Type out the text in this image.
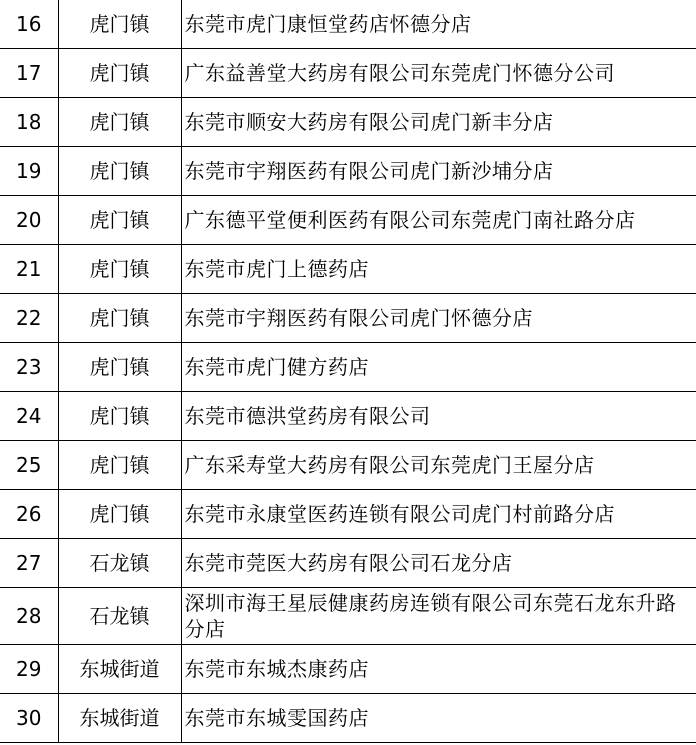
16	虎门镇	东莞市虎门康恒堂药店怀德分店
17	虎门镇	广东益善堂大药房有限公司东莞虎门怀德分公司
18	虎门镇	东莞市顺安大药房有限公司虎门新丰分店
19	虎门镇	东莞市宇翔医药有限公司虎门新沙埔分店
20	虎门镇	广东德平堂便利医药有限公司东莞虎门南社路分店
21	虎门镇	东莞市虎门上德药店
22	虎门镇	东莞市宇翔医药有限公司虎门怀德分店
23	虎门镇	东莞市虎门健方药店
24	虎门镇	东莞市德洪堂药房有限公司
25	虎门镇	广东采寿堂大药房有限公司东莞虎门王屋分店
26	虎门镇	东莞市永康堂医药连锁有限公司虎门村前路分店
27	石龙镇	东莞市莞医大药房有限公司石龙分店
28	石龙镇	深圳市海王星辰健康药房连锁有限公司东莞石龙东升路分店
29	东城街道	东莞市东城杰康药店
30	东城街道	东莞市东城雯国药店
